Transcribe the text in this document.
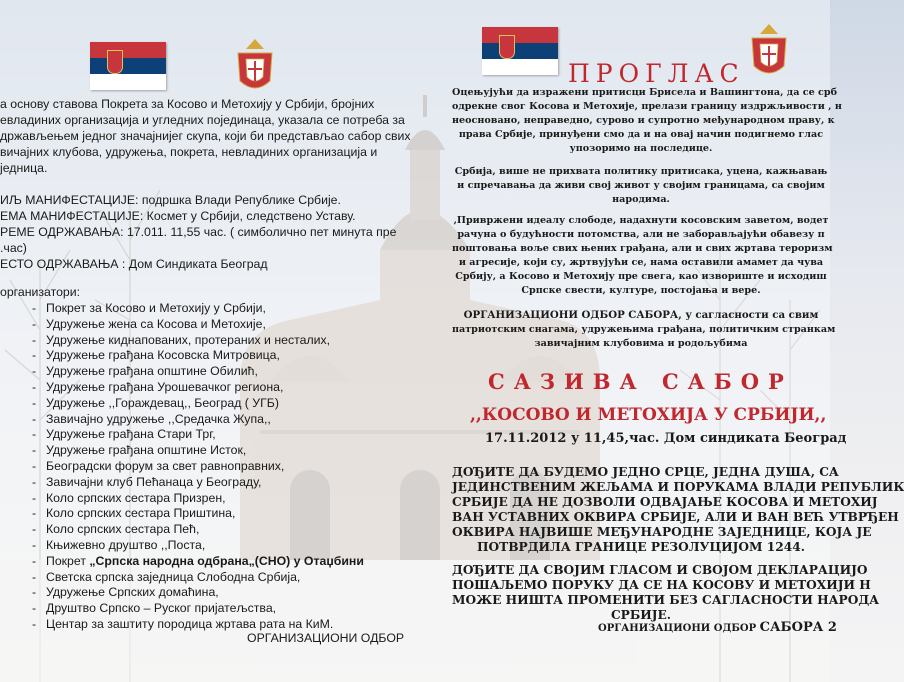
а основу ставова Покрета за Косово и Метохију у Србији, бројних
евладиних организација и угледних појединаца, указала се потреба за
држављењем једног значајнијег скупа, који би представљао сабор свих
вичајних клубова, удружења, покрета, невладиних организација и
једница.
ИЉ МАНИФЕСТАЦИЈЕ: подршка Влади Републике Србије.
ЕМА МАНИФЕСТАЦИЈЕ: Космет у Србији, следствено Уставу.
РЕМЕ ОДРЖАВАЊА: 17.011. 11,55 час. ( симболично пет минута пре
.час)
ЕСТО ОДРЖАВАЊА : Дом Синдиката Београд
организатори:
- Покрет за Косово и Метохију у Србији,
- Удружење жена са Косова и Метохије,
- Удружење киднапованих, протераних и несталих,
- Удружење грађана Косовска Митровица,
- Удружење грађана општине Обилић,
- Удружење грађана Урошевачког региона,
- Удружење ,,Гораждевац,, Београд ( УГБ)
- Завичајно удружење ,,Средачка Жупа,,
- Удружење грађана Стари Трг,
- Удружење грађана општине Исток,
- Београдски форум за свет равноправних,
- Завичајни клуб Пећанаца у Београду,
- Коло српских сестара Призрен,
- Коло српских сестара Приштина,
- Коло српских сестара Пећ,
- Књижевно друштво ,,Поста,
- Покрет „Српска народна одбрана„(СНО) у Отаџбини
- Светска српска заједница Слободна Србија,
- Удружење Српских домаћина,
- Друштво Српско – Руског пријатељства,
- Центар за заштиту породица жртава рата на КиМ.
ОРГАНИЗАЦИОНИ ОДБОР
ПРОГЛАС
Оцењујући да изражени притисци Брисела и Вашингтона, да се срб
одрекне свог Косова и Метохије, прелази границу издржљивости , н
неосновано, неправедно, сурово и супротно међународном праву, к
права Србије, принуђени смо да и на овај начин подигнемо глас
упозоримо на последице.
Србија, више не прихвата политику притисака, уцена, кажњавањ
и спречавања да живи свој живот у својим границама, са својим
народима.
,Привржени идеалу слободе, надахнути косовским заветом, водет
рачуна о будућности потомства, али не заборављајући обавезу п
поштовања воље свих њених грађана, али и свих жртава тероризм
и агресије, који су, жртвујући се, нама оставили амамет да чува
Србију, а Косово и Метохију пре свега, као извориште и исходиш
Српске свести, културе, постојања и вере.
ОРГАНИЗАЦИОНИ ОДБОР САБОРА, у сагласности са свим
патриотским снагама, удружењима грађана, политичким странкам
завичајним клубовима и родољубима
САЗИВА САБОР
,,КОСОВО И МЕТОХИЈА У СРБИЈИ,,
17.11.2012 у 11,45,час. Дом синдиката Београд
ДОЂИТЕ ДА БУДЕМО ЈЕДНО СРЦЕ, ЈЕДНА ДУША, СА
ЈЕДИНСТВЕНИМ ЖЕЉАМА И ПОРУКАМА ВЛАДИ РЕПУБЛИК
СРБИЈЕ ДА НЕ ДОЗВОЛИ ОДВАЈАЊЕ КОСОВА И МЕТОХИЈ
ВАН УСТАВНИХ ОКВИРА СРБИЈЕ, АЛИ И ВАН ВЕЋ УТВРЂЕН
ОКВИРА НАЈВИШЕ МЕЂУНАРОДНЕ ЗАЈЕДНИЦЕ, КОЈА ЈЕ
ПОТВРДИЛА ГРАНИЦЕ РЕЗОЛУЦИЈОМ 1244.
ДОЂИТЕ ДА СВОЈИМ ГЛАСОМ И СВОЈОМ ДЕКЛАРАЦИЈО
ПОШАЉЕМО ПОРУКУ ДА СЕ НА КОСОВУ И МЕТОХИЈИ Н
МОЖЕ НИШТА ПРОМЕНИТИ БЕЗ САГЛАСНОСТИ НАРОДА
СРБИЈЕ.
ОРГАНИЗАЦИОНИ ОДБОР САБОРА 2
